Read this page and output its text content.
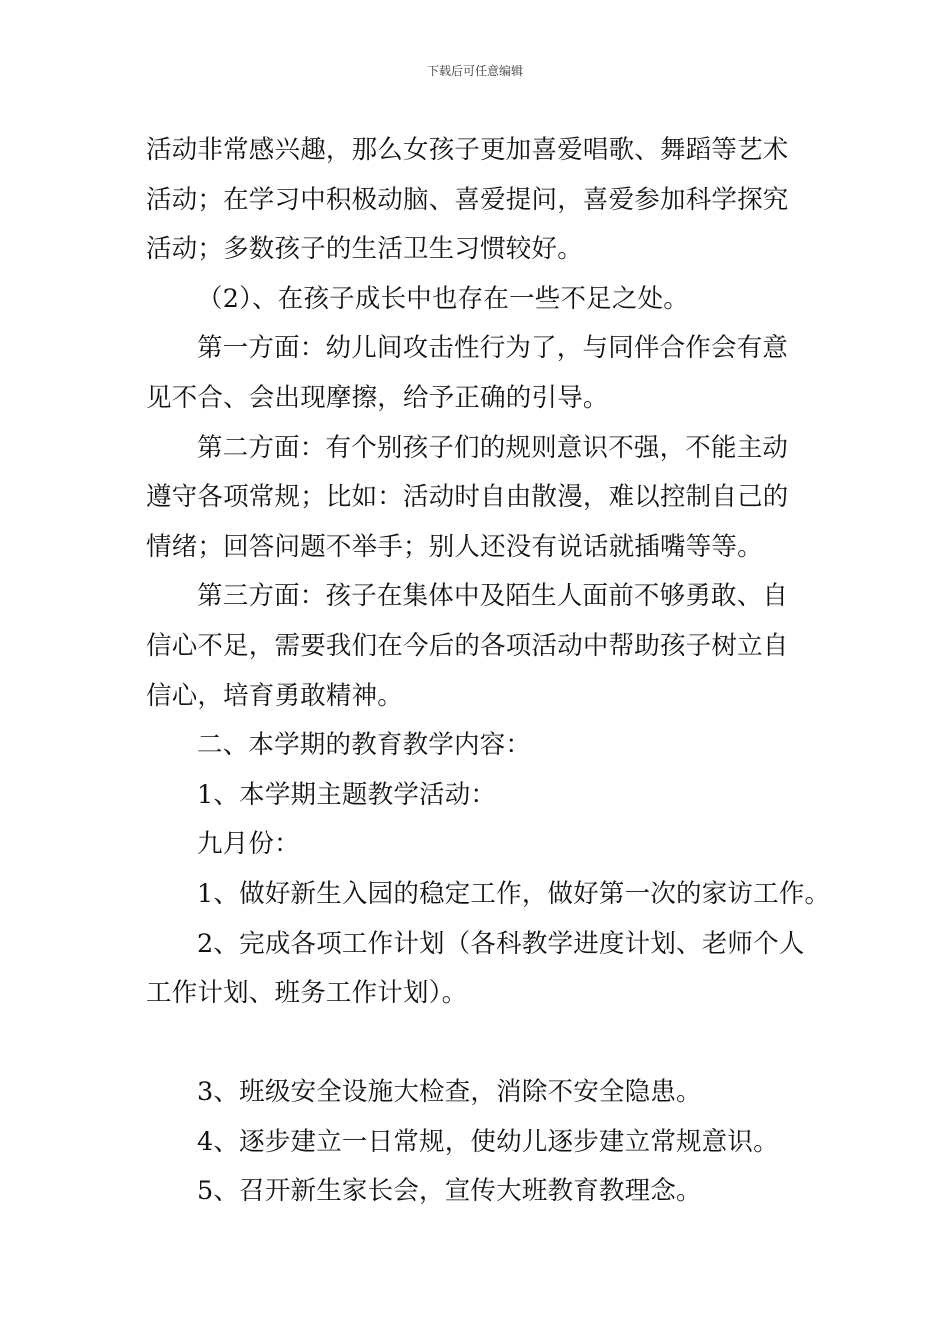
下载后可任意编辑
活动非常感兴趣，那么女孩子更加喜爱唱歌、舞蹈等艺术
活动；在学习中积极动脑、喜爱提问，喜爱参加科学探究
活动；多数孩子的生活卫生习惯较好。
（2）、在孩子成长中也存在一些不足之处。
第一方面：幼儿间攻击性行为了，与同伴合作会有意
见不合、会出现摩擦，给予正确的引导。
第二方面：有个别孩子们的规则意识不强，不能主动
遵守各项常规；比如：活动时自由散漫，难以控制自己的
情绪；回答问题不举手；别人还没有说话就插嘴等等。
第三方面：孩子在集体中及陌生人面前不够勇敢、自
信心不足，需要我们在今后的各项活动中帮助孩子树立自
信心，培育勇敢精神。
二、本学期的教育教学内容：
1、本学期主题教学活动：
九月份：
1、做好新生入园的稳定工作，做好第一次的家访工作。
2、完成各项工作计划（各科教学进度计划、老师个人
工作计划、班务工作计划）。
3、班级安全设施大检查，消除不安全隐患。
4、逐步建立一日常规，使幼儿逐步建立常规意识。
5、召开新生家长会，宣传大班教育教理念。
